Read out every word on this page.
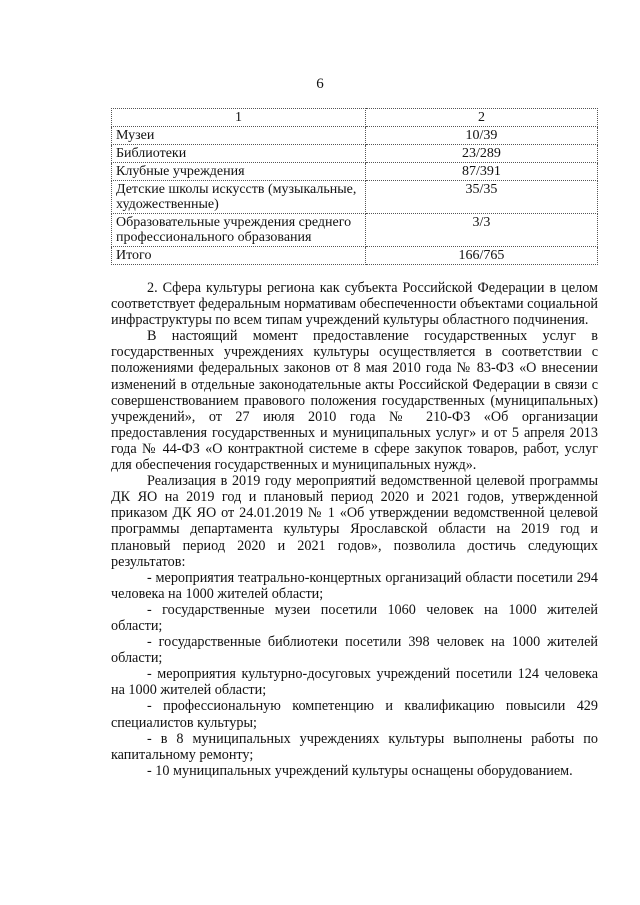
6
1	2
Музеи	10/39
Библиотеки	23/289
Клубные учреждения	87/391
Детские школы искусств (музыкальные, художественные)	35/35
Образовательные учреждения среднего профессионального образования	3/3
Итого	166/765

2. Сфера культуры региона как субъекта Российской Федерации в целом соответствует федеральным нормативам обеспеченности объектами социальной инфраструктуры по всем типам учреждений культуры областного подчинения.

В настоящий момент предоставление государственных услуг в государственных учреждениях культуры осуществляется в соответствии с положениями федеральных законов от 8 мая 2010 года № 83-ФЗ «О внесении изменений в отдельные законодательные акты Российской Федерации в связи с совершенствованием правового положения государственных (муниципальных) учреждений», от 27 июля 2010 года № 210-ФЗ «Об организации предоставления государственных и муниципальных услуг» и от 5 апреля 2013 года № 44-ФЗ «О контрактной системе в сфере закупок товаров, работ, услуг для обеспечения государственных и муниципальных нужд».

Реализация в 2019 году мероприятий ведомственной целевой программы ДК ЯО на 2019 год и плановый период 2020 и 2021 годов, утвержденной приказом ДК ЯО от 24.01.2019 № 1 «Об утверждении ведомственной целевой программы департамента культуры Ярославской области на 2019 год и плановый период 2020 и 2021 годов», позволила достичь следующих результатов:

- мероприятия театрально-концертных организаций области посетили 294 человека на 1000 жителей области;

- государственные музеи посетили 1060 человек на 1000 жителей области;

- государственные библиотеки посетили 398 человек на 1000 жителей области;

- мероприятия культурно-досуговых учреждений посетили 124 человека на 1000 жителей области;

- профессиональную компетенцию и квалификацию повысили 429 специалистов культуры;

- в 8 муниципальных учреждениях культуры выполнены работы по капитальному ремонту;

- 10 муниципальных учреждений культуры оснащены оборудованием.
